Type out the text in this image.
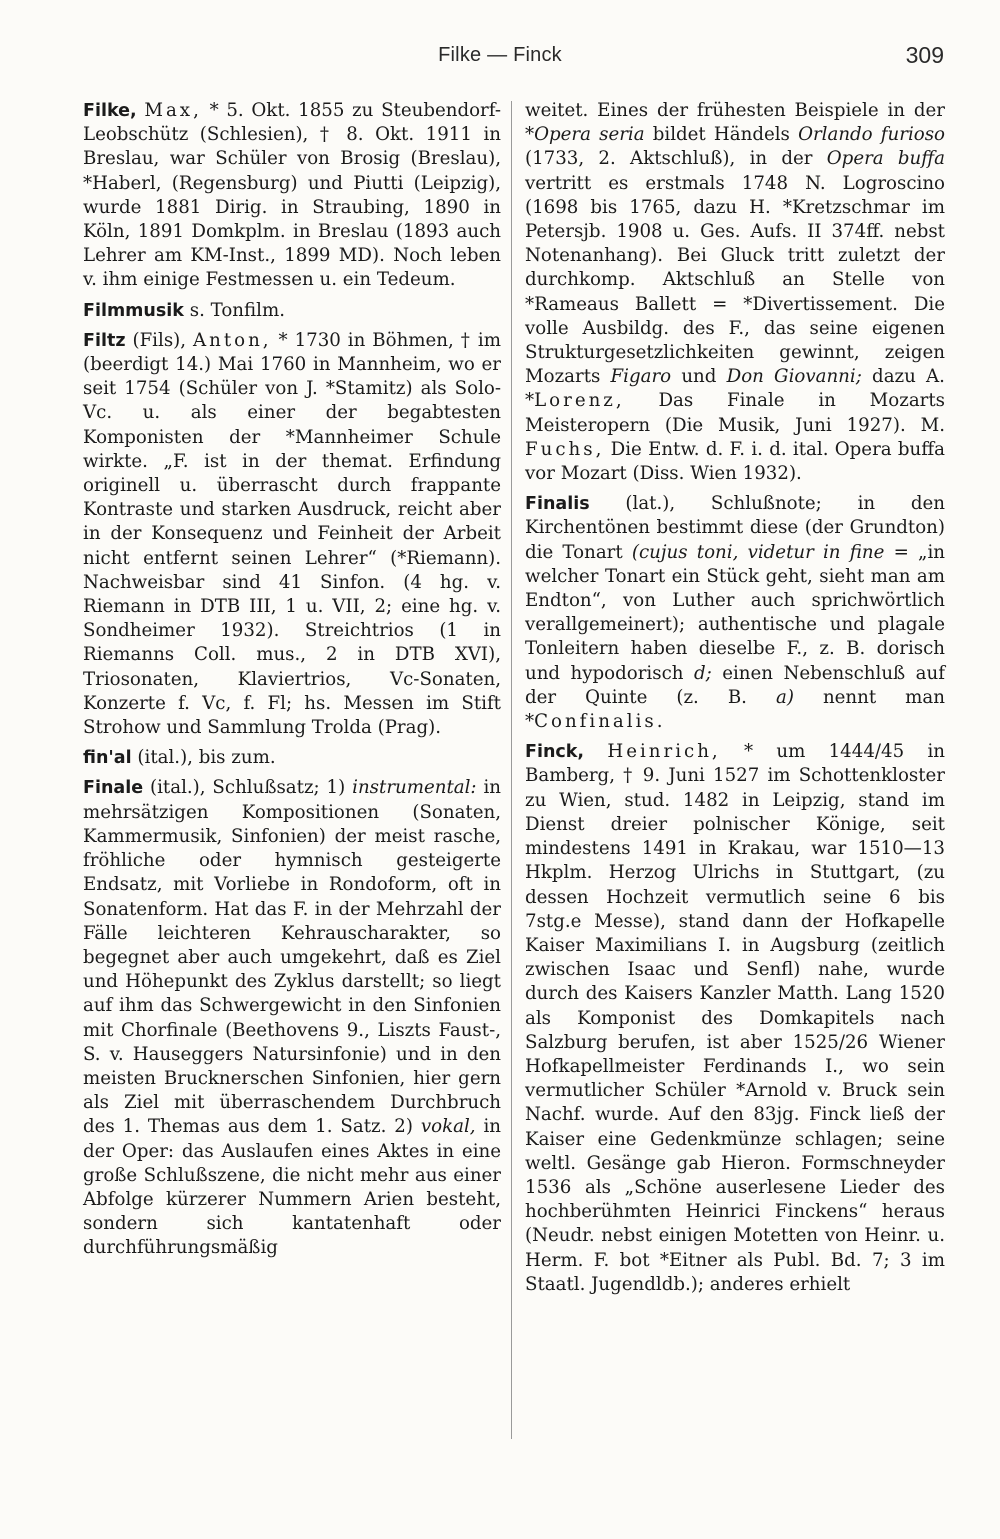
Filke — Finck	309

Filke, Max, * 5. Okt. 1855 zu Steubendorf-Leobschütz (Schlesien), † 8. Okt. 1911 in Breslau, war Schüler von Brosig (Breslau), *Haberl, (Regensburg) und Piutti (Leipzig), wurde 1881 Dirig. in Straubing, 1890 in Köln, 1891 Domkplm. in Breslau (1893 auch Lehrer am KM-Inst., 1899 MD). Noch leben v. ihm einige Festmessen u. ein Tedeum.

Filmmusik s. Tonfilm.

Filtz (Fils), Anton, * 1730 in Böhmen, † im (beerdigt 14.) Mai 1760 in Mannheim, wo er seit 1754 (Schüler von J. *Stamitz) als Solo-Vc. u. als einer der begabtesten Komponisten der *Mannheimer Schule wirkte. „F. ist in der themat. Erfindung originell u. überrascht durch frappante Kontraste und starken Ausdruck, reicht aber in der Konsequenz und Feinheit der Arbeit nicht entfernt seinen Lehrer“ (*Riemann). Nachweisbar sind 41 Sinfon. (4 hg. v. Riemann in DTB III, 1 u. VII, 2; eine hg. v. Sondheimer 1932). Streichtrios (1 in Riemanns Coll. mus., 2 in DTB XVI), Triosonaten, Klaviertrios, Vc-Sonaten, Konzerte f. Vc, f. Fl; hs. Messen im Stift Strohow und Sammlung Trolda (Prag).

fin'al (ital.), bis zum.

Finale (ital.), Schlußsatz; 1) instrumental: in mehrsätzigen Kompositionen (Sonaten, Kammermusik, Sinfonien) der meist rasche, fröhliche oder hymnisch gesteigerte Endsatz, mit Vorliebe in Rondoform, oft in Sonatenform. Hat das F. in der Mehrzahl der Fälle leichteren Kehrauscharakter, so begegnet aber auch umgekehrt, daß es Ziel und Höhepunkt des Zyklus darstellt; so liegt auf ihm das Schwergewicht in den Sinfonien mit Chorfinale (Beethovens 9., Liszts Faust-, S. v. Hauseggers Natursinfonie) und in den meisten Brucknerschen Sinfonien, hier gern als Ziel mit überraschendem Durchbruch des 1. Themas aus dem 1. Satz. 2) vokal, in der Oper: das Auslaufen eines Aktes in eine große Schlußszene, die nicht mehr aus einer Abfolge kürzerer Nummern Arien besteht, sondern sich kantatenhaft oder durchführungsmäßig

weitet. Eines der frühesten Beispiele in der *Opera seria bildet Händels Orlando furioso (1733, 2. Aktschluß), in der Opera buffa vertritt es erstmals 1748 N. Logroscino (1698 bis 1765, dazu H. *Kretzschmar im Petersjb. 1908 u. Ges. Aufs. II 374ff. nebst Notenanhang). Bei Gluck tritt zuletzt der durchkomp. Aktschluß an Stelle von *Rameaus Ballett = *Divertissement. Die volle Ausbildg. des F., das seine eigenen Strukturgesetzlichkeiten gewinnt, zeigen Mozarts Figaro und Don Giovanni; dazu A. *Lorenz, Das Finale in Mozarts Meisteropern (Die Musik, Juni 1927). M. Fuchs, Die Entw. d. F. i. d. ital. Opera buffa vor Mozart (Diss. Wien 1932).

Finalis (lat.), Schlußnote; in den Kirchentönen bestimmt diese (der Grundton) die Tonart (cujus toni, videtur in fine = „in welcher Tonart ein Stück geht, sieht man am Endton“, von Luther auch sprichwörtlich verallgemeinert); authentische und plagale Tonleitern haben dieselbe F., z. B. dorisch und hypodorisch d; einen Nebenschluß auf der Quinte (z. B. a) nennt man *Confinalis.

Finck, Heinrich, * um 1444/45 in Bamberg, † 9. Juni 1527 im Schottenkloster zu Wien, stud. 1482 in Leipzig, stand im Dienst dreier polnischer Könige, seit mindestens 1491 in Krakau, war 1510—13 Hkplm. Herzog Ulrichs in Stuttgart, (zu dessen Hochzeit vermutlich seine 6 bis 7stg.e Messe), stand dann der Hofkapelle Kaiser Maximilians I. in Augsburg (zeitlich zwischen Isaac und Senfl) nahe, wurde durch des Kaisers Kanzler Matth. Lang 1520 als Komponist des Domkapitels nach Salzburg berufen, ist aber 1525/26 Wiener Hofkapellmeister Ferdinands I., wo sein vermutlicher Schüler *Arnold v. Bruck sein Nachf. wurde. Auf den 83jg. Finck ließ der Kaiser eine Gedenkmünze schlagen; seine weltl. Gesänge gab Hieron. Formschneyder 1536 als „Schöne auserlesene Lieder des hochberühmten Heinrici Finckens“ heraus (Neudr. nebst einigen Motetten von Heinr. u. Herm. F. bot *Eitner als Publ. Bd. 7; 3 im Staatl. Jugendldb.); anderes erhielt
